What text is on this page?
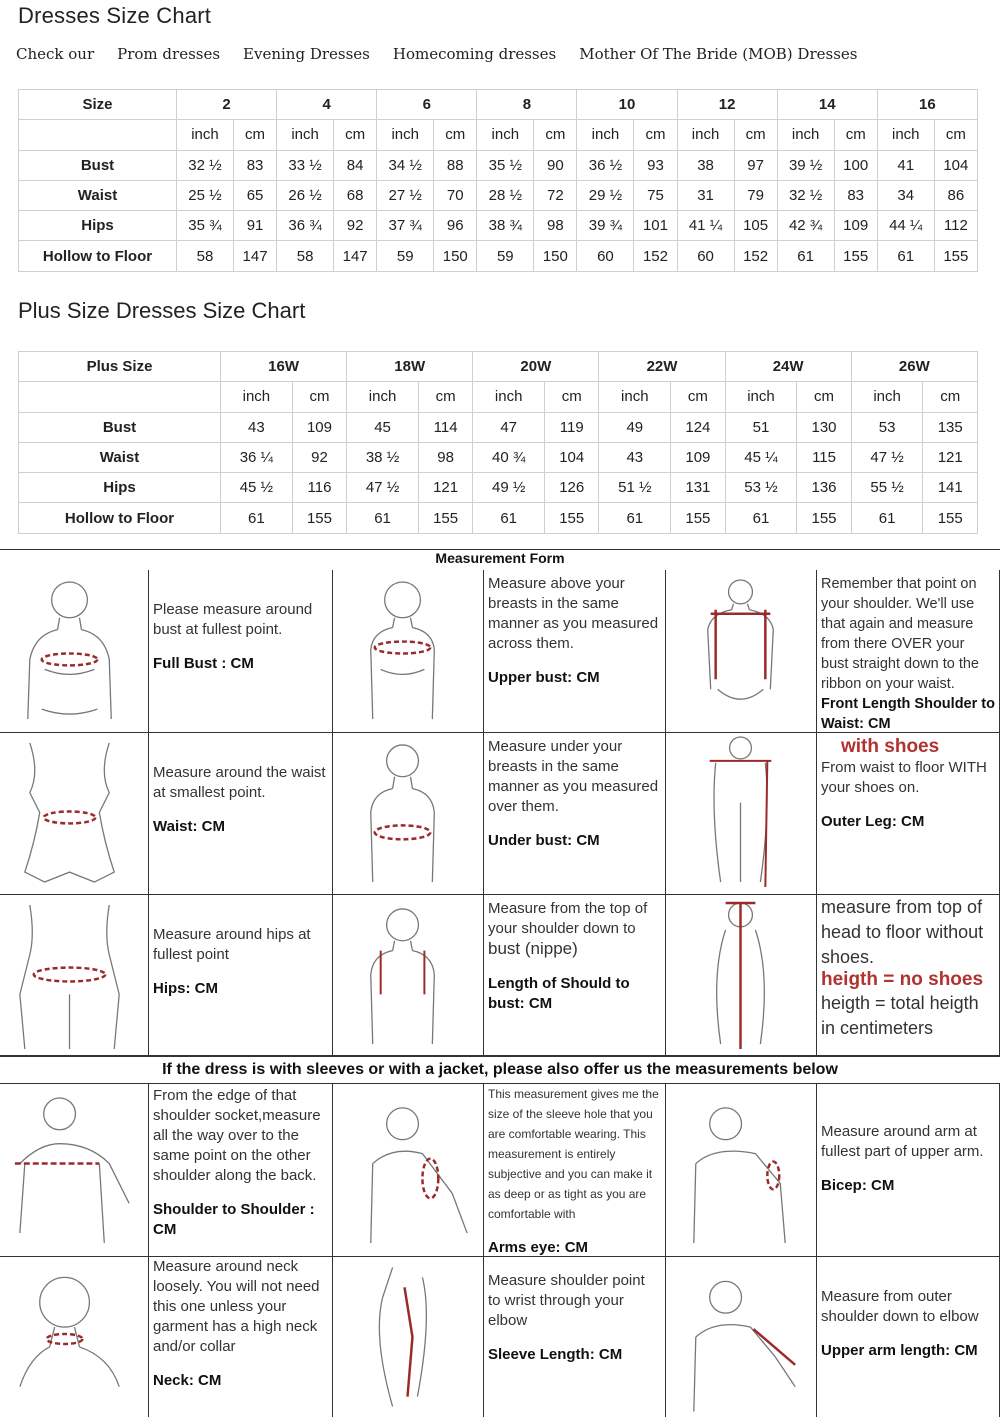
Dresses Size Chart
Check our Prom dresses Evening Dresses Homecoming dresses Mother Of The Bride (MOB) Dresses
Size	2		4		6		8		10		12		14		16	
	inch	cm	inch	cm	inch	cm	inch	cm	inch	cm	inch	cm	inch	cm	inch	cm
Bust	32 ½	83	33 ½	84	34 ½	88	35 ½	90	36 ½	93	38	97	39 ½	100	41	104
Waist	25 ½	65	26 ½	68	27 ½	70	28 ½	72	29 ½	75	31	79	32 ½	83	34	86
Hips	35 ¾	91	36 ¾	92	37 ¾	96	38 ¾	98	39 ¾	101	41 ¼	105	42 ¾	109	44 ¼	112
Hollow to Floor	58	147	58	147	59	150	59	150	60	152	60	152	61	155	61	155
Plus Size Dresses Size Chart
Plus Size	16W		18W		20W		22W		24W		26W	
	inch	cm	inch	cm	inch	cm	inch	cm	inch	cm	inch	cm
Bust	43	109	45	114	47	119	49	124	51	130	53	135
Waist	36 ¼	92	38 ½	98	40 ¾	104	43	109	45 ¼	115	47 ½	121
Hips	45 ½	116	47 ½	121	49 ½	126	51 ½	131	53 ½	136	55 ½	141
Hollow to Floor	61	155	61	155	61	155	61	155	61	155	61	155
Measurement Form
Please measure around bust at fullest point.
Full Bust : CM
Measure above your breasts in the same manner as you measured across them.
Upper bust: CM
Remember that point on your shoulder. We'll use that again and measure from there OVER your bust straight down to the ribbon on your waist.
Front Length Shoulder to Waist: CM
Measure around the waist at smallest point.
Waist: CM
Measure under your breasts in the same manner as you measured over them.
Under bust: CM
with shoes
From waist to floor WITH your shoes on.
Outer Leg: CM
Measure around hips at fullest point
Hips: CM
Measure from the top of your shoulder down to
bust (nippe)
Length of Should to bust: CM
measure from top of head to floor without shoes.
heigth = no shoes
heigth = total heigth in centimeters
If the dress is with sleeves or with a jacket, please also offer us the measurements below
From the edge of that shoulder socket,measure all the way over to the same point on the other shoulder along the back.
Shoulder to Shoulder : CM
This measurement gives me the size of the sleeve hole that you are comfortable wearing. This measurement is entirely subjective and you can make it as deep or as tight as you are comfortable with
Arms eye: CM
Measure around arm at fullest part of upper arm.
Bicep: CM
Measure around neck loosely. You will not need this one unless your garment has a high neck and/or collar
Neck: CM
Measure shoulder point to wrist through your elbow
Sleeve Length: CM
Measure from outer shoulder down to elbow
Upper arm length: CM
